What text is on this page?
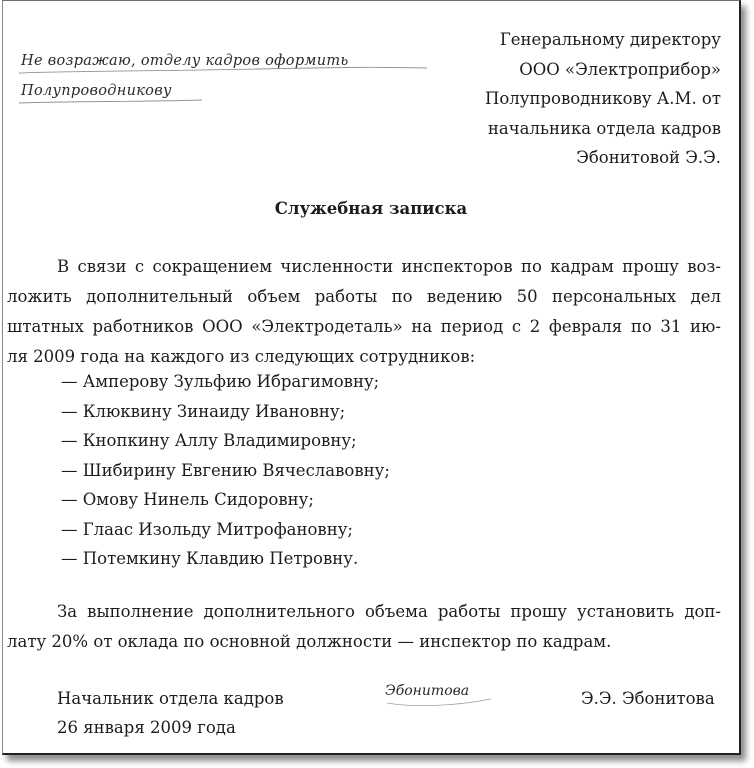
Не возражаю, отделу кадров оформить
Полупроводникову
Генеральному директору
ООО «Электроприбор»
Полупроводникову А.М. от
начальника отдела кадров
Эбонитовой Э.Э.
Служебная записка
В связи с сокращением численности инспекторов по кадрам прошу воз-
ложить дополнительный объем работы по ведению 50 персональных дел
штатных работников ООО «Электродеталь» на период с 2 февраля по 31 ию-
ля 2009 года на каждого из следующих сотрудников:
— Амперову Зульфию Ибрагимовну;
— Клюквину Зинаиду Ивановну;
— Кнопкину Аллу Владимировну;
— Шибирину Евгению Вячеславовну;
— Омову Нинель Сидоровну;
— Глаас Изольду Митрофановну;
— Потемкину Клавдию Петровну.
За выполнение дополнительного объема работы прошу установить доп-
лату 20% от оклада по основной должности — инспектор по кадрам.
Начальник отдела кадров	Эбонитова	Э.Э. Эбонитова
26 января 2009 года
